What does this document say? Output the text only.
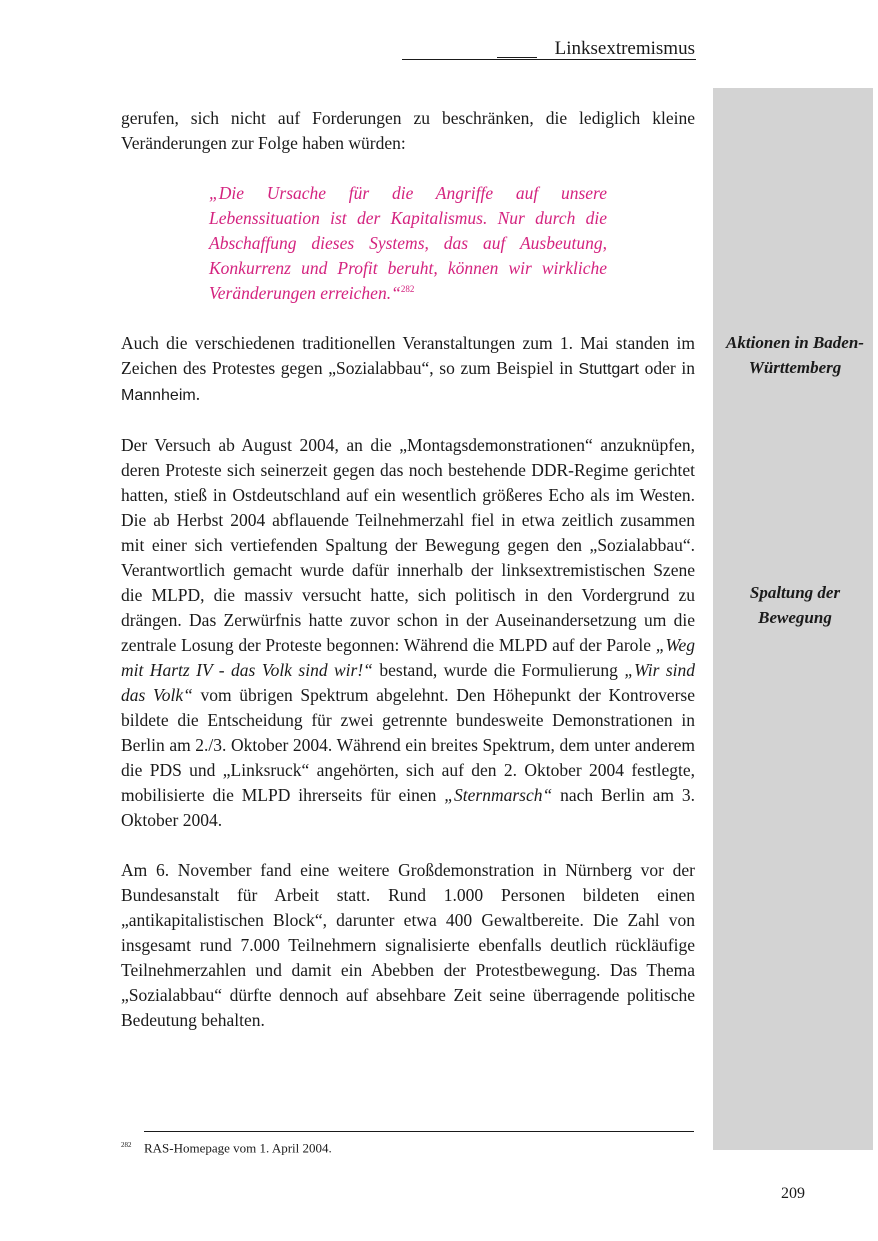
Linksextremismus
Aktionen in Baden-Württemberg
Spaltung der Bewegung

gerufen, sich nicht auf Forderungen zu beschränken, die lediglich kleine Veränderungen zur Folge haben würden:

„Die Ursache für die Angriffe auf unsere Lebenssituation ist der Kapitalismus. Nur durch die Abschaffung dieses Systems, das auf Ausbeutung, Konkurrenz und Profit beruht, können wir wirkliche Veränderungen erreichen.“$^{282}$

Auch die verschiedenen traditionellen Veranstaltungen zum 1. Mai standen im Zeichen des Protestes gegen „Sozialabbau“, so zum Beispiel in Stuttgart oder in Mannheim.

Der Versuch ab August 2004, an die „Montagsdemonstrationen“ anzuknüpfen, deren Proteste sich seinerzeit gegen das noch bestehende DDR-Regime gerichtet hatten, stieß in Ostdeutschland auf ein wesentlich größeres Echo als im Westen. Die ab Herbst 2004 abflauende Teilnehmerzahl fiel in etwa zeitlich zusammen mit einer sich vertiefenden Spaltung der Bewegung gegen den „Sozialabbau“. Verantwortlich gemacht wurde dafür innerhalb der linksextremistischen Szene die MLPD, die massiv versucht hatte, sich politisch in den Vordergrund zu drängen. Das Zerwürfnis hatte zuvor schon in der Auseinandersetzung um die zentrale Losung der Proteste begonnen: Während die MLPD auf der Parole „Weg mit Hartz IV - das Volk sind wir!“ bestand, wurde die Formulierung „Wir sind das Volk“ vom übrigen Spektrum abgelehnt. Den Höhepunkt der Kontroverse bildete die Entscheidung für zwei getrennte bundesweite Demonstrationen in Berlin am 2./3. Oktober 2004. Während ein breites Spektrum, dem unter anderem die PDS und „Linksruck“ angehörten, sich auf den 2. Oktober 2004 festlegte, mobilisierte die MLPD ihrerseits für einen „Sternmarsch“ nach Berlin am 3. Oktober 2004.

Am 6. November fand eine weitere Großdemonstration in Nürnberg vor der Bundesanstalt für Arbeit statt. Rund 1.000 Personen bildeten einen „antikapitalistischen Block“, darunter etwa 400 Gewaltbereite. Die Zahl von insgesamt rund 7.000 Teilnehmern signalisierte ebenfalls deutlich rückläufige Teilnehmerzahlen und damit ein Abebben der Protestbewegung. Das Thema „Sozialabbau“ dürfte dennoch auf absehbare Zeit seine überragende politische Bedeutung behalten.

282 RAS-Homepage vom 1. April 2004.
209
